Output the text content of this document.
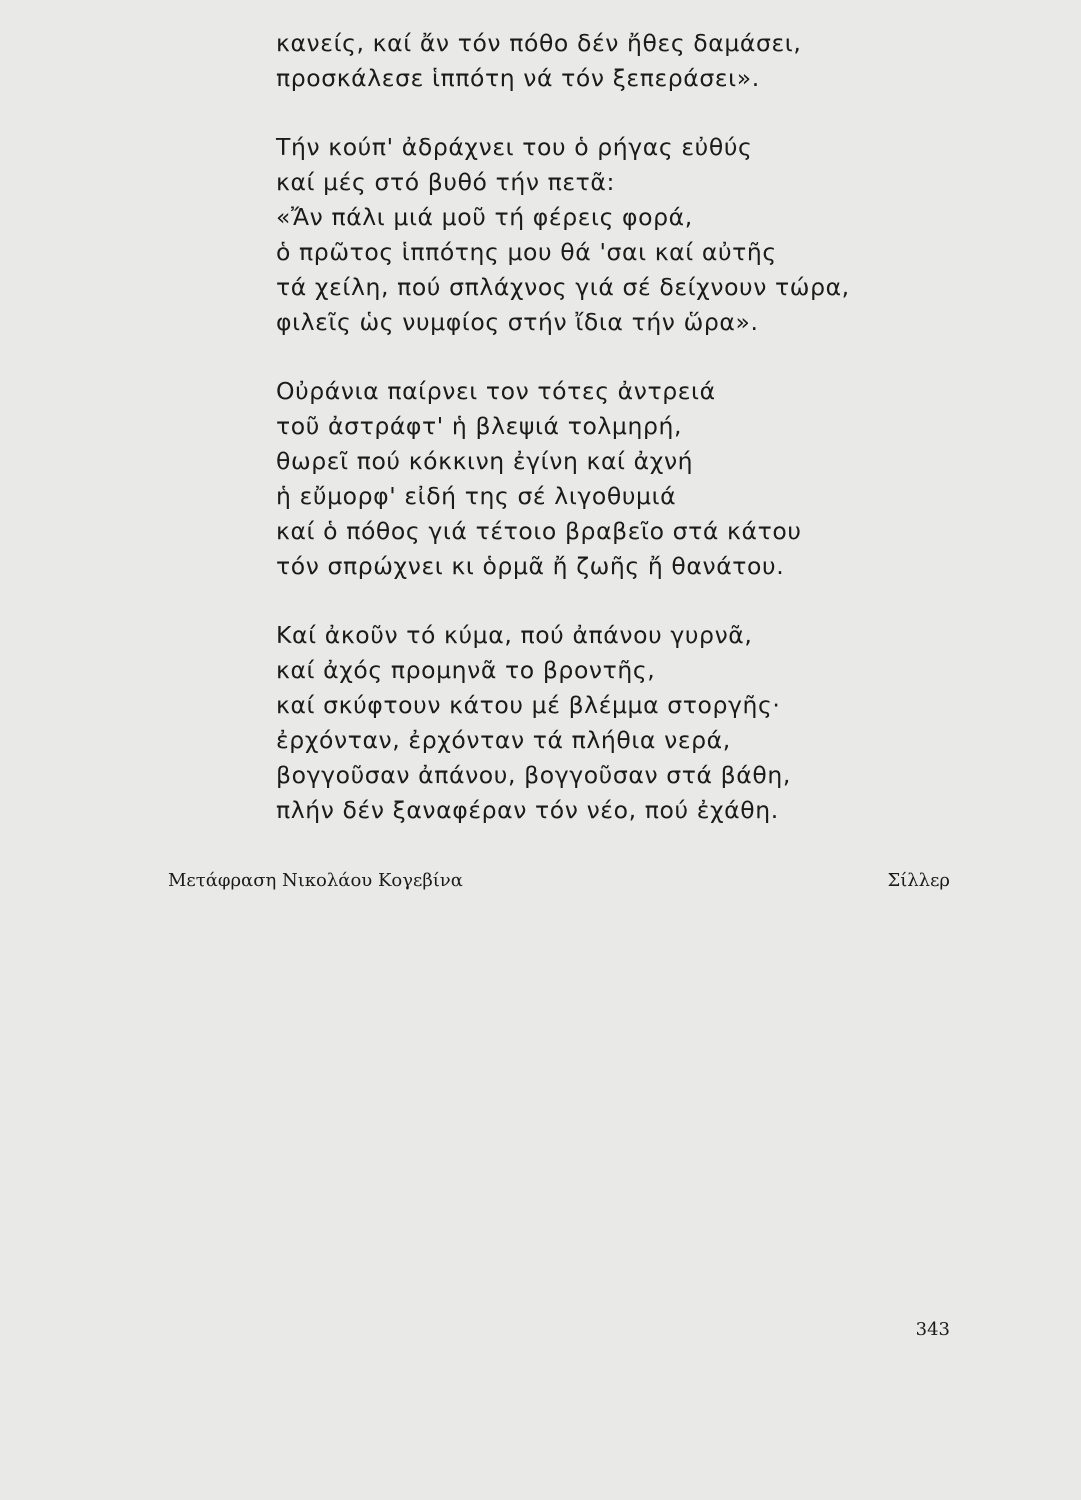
κανείς, καί ἄν τόν πόθο δέν ἤθες δαμάσει,
προσκάλεσε ἱππότη νά τόν ξεπεράσει».
Τήν κούπ' ἀδράχνει του ὁ ρήγας εὐθύς
καί μές στό βυθό τήν πετᾶ:
«Ἄν πάλι μιά μοῦ τή φέρεις φορά,
ὁ πρῶτος ἱππότης μου θά 'σαι καί αὐτῆς
τά χείλη, πού σπλάχνος γιά σέ δείχνουν τώρα,
φιλεῖς ὡς νυμφίος στήν ἴδια τήν ὥρα».
Οὐράνια παίρνει τον τότες ἀντρειά
τοῦ ἀστράφτ' ἡ βλεψιά τολμηρή,
θωρεῖ πού κόκκινη ἐγίνη καί ἀχνή
ἡ εὔμορφ' εἰδή της σέ λιγοθυμιά
καί ὁ πόθος γιά τέτοιο βραβεῖο στά κάτου
τόν σπρώχνει κι ὁρμᾶ ἤ ζωῆς ἤ θανάτου.
Καί ἀκοῦν τό κύμα, πού ἀπάνου γυρνᾶ,
καί ἀχός προμηνᾶ το βροντῆς,
καί σκύφτουν κάτου μέ βλέμμα στοργῆς·
ἐρχόνταν, ἐρχόνταν τά πλήθια νερά,
βογγοῦσαν ἀπάνου, βογγοῦσαν στά βάθη,
πλήν δέν ξαναφέραν τόν νέο, πού ἐχάθη.
Μετάφραση Νικολάου Κογεβίνα	Σίλλερ
343
